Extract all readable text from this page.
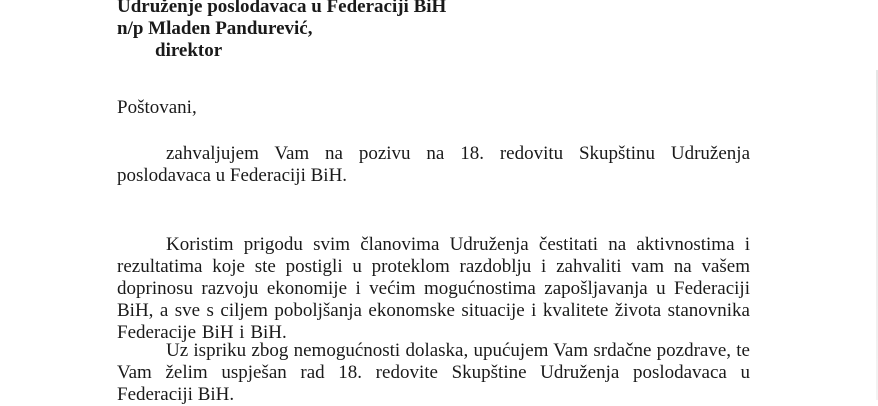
Udruženje poslodavaca u Federaciji BiH
n/p Mladen Pandurević,
direktor
Poštovani,

zahvaljujem Vam na pozivu na 18. redovitu Skupštinu Udruženja poslodavaca u Federaciji BiH.

Koristim prigodu svim članovima Udruženja čestitati na aktivnostima i rezultatima koje ste postigli u proteklom razdoblju i zahvaliti vam na vašem doprinosu razvoju ekonomije i većim mogućnostima zapošljavanja u Federaciji BiH, a sve s ciljem poboljšanja ekonomske situacije i kvalitete života stanovnika Federacije BiH i BiH.

Uz ispriku zbog nemogućnosti dolaska, upućujem Vam srdačne pozdrave, te Vam želim uspješan rad 18. redovite Skupštine Udruženja poslodavaca u Federaciji BiH.
